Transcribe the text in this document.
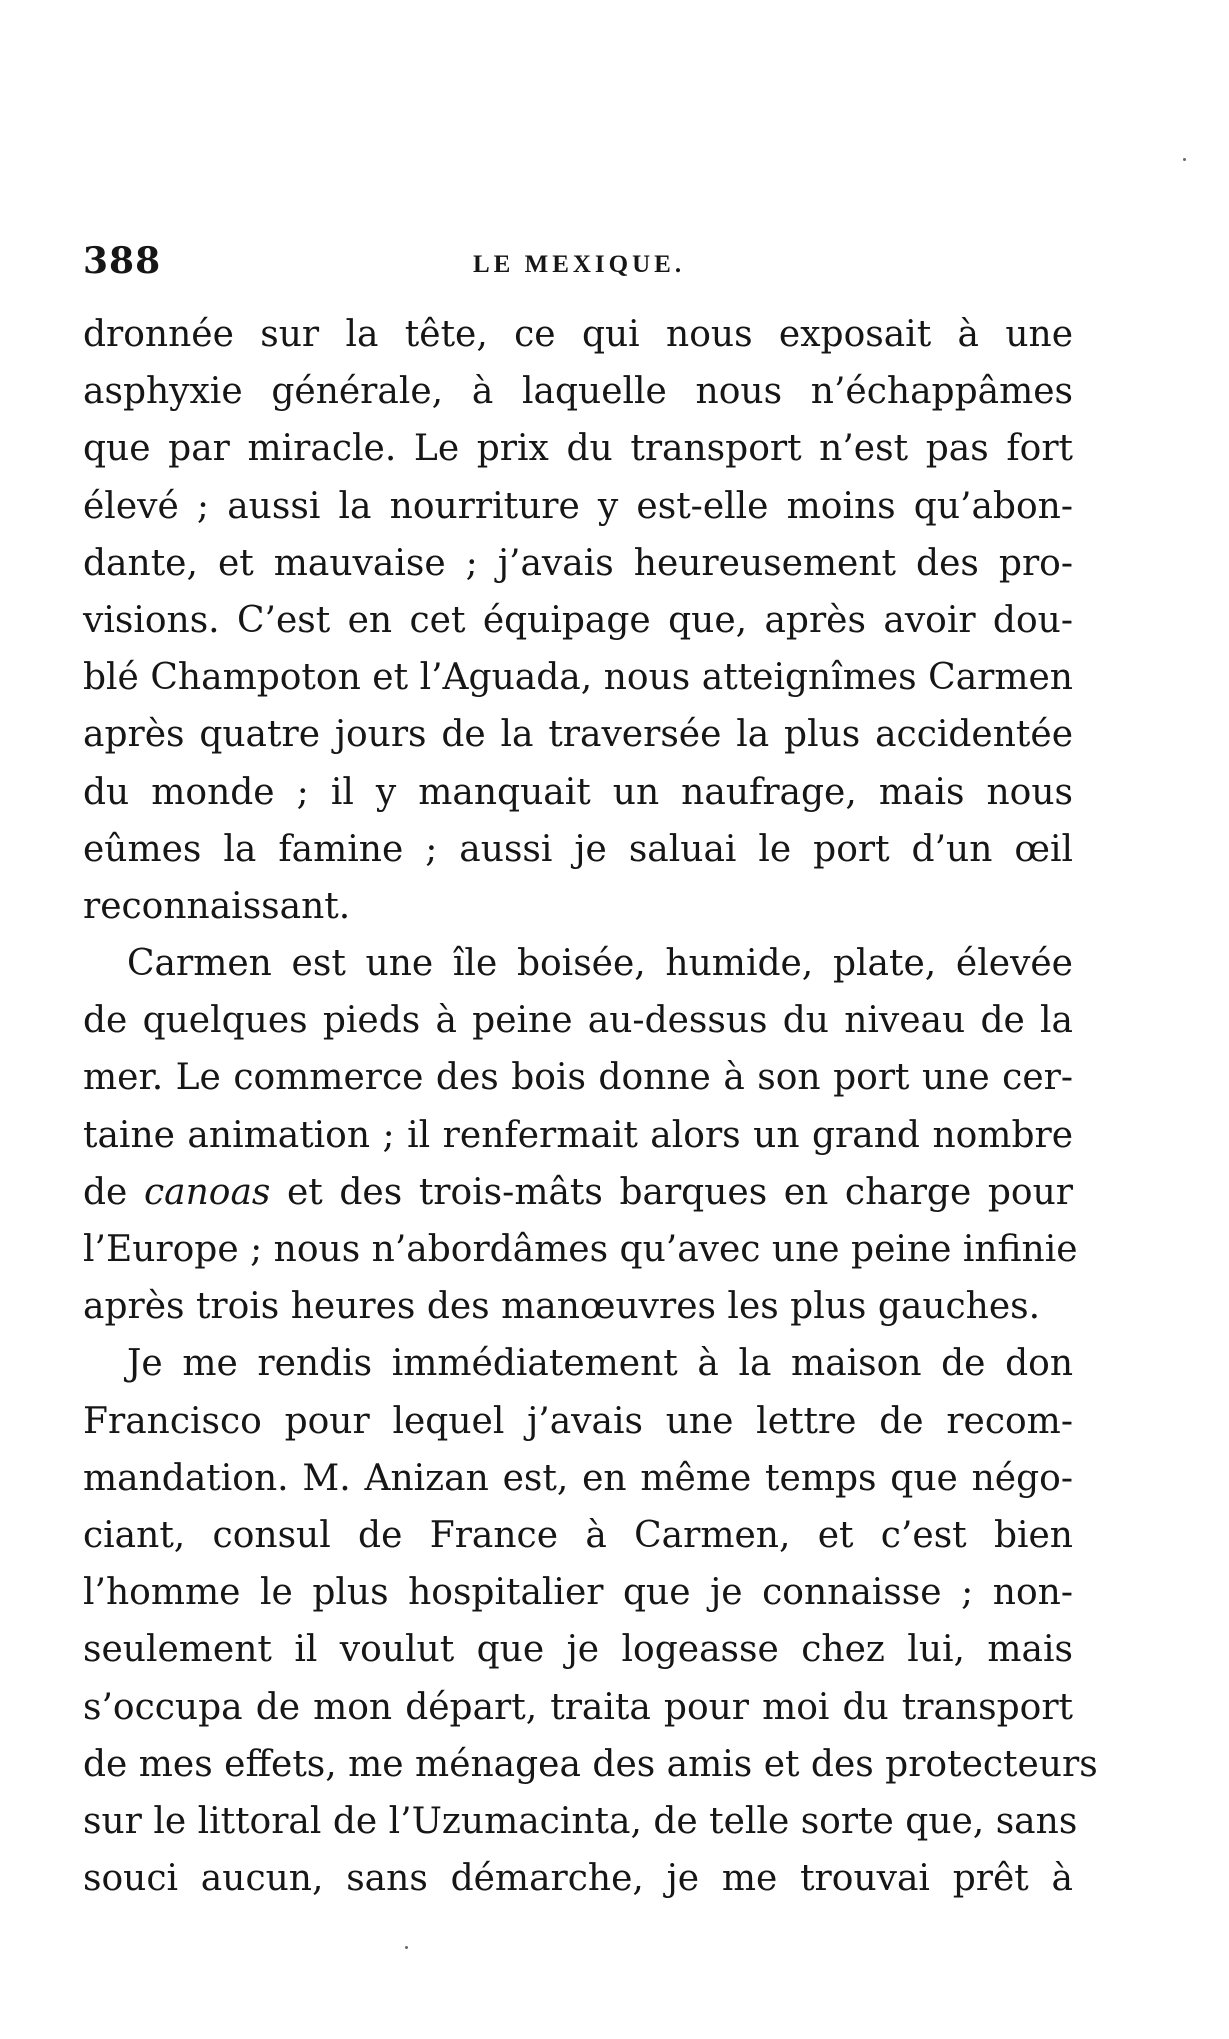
388	LE MEXIQUE.
dronnée sur la tête, ce qui nous exposait à une
asphyxie générale, à laquelle nous n’échappâmes
que par miracle. Le prix du transport n’est pas fort
élevé ; aussi la nourriture y est-elle moins qu’abon-
dante, et mauvaise ; j’avais heureusement des pro-
visions. C’est en cet équipage que, après avoir dou-
blé Champoton et l’Aguada, nous atteignîmes Carmen
après quatre jours de la traversée la plus accidentée
du monde ; il y manquait un naufrage, mais nous
eûmes la famine ; aussi je saluai le port d’un œil
reconnaissant.
Carmen est une île boisée, humide, plate, élevée
de quelques pieds à peine au-dessus du niveau de la
mer. Le commerce des bois donne à son port une cer-
taine animation ; il renfermait alors un grand nombre
de canoas et des trois-mâts barques en charge pour
l’Europe ; nous n’abordâmes qu’avec une peine infinie
après trois heures des manœuvres les plus gauches.
Je me rendis immédiatement à la maison de don
Francisco pour lequel j’avais une lettre de recom-
mandation. M. Anizan est, en même temps que négo-
ciant, consul de France à Carmen, et c’est bien
l’homme le plus hospitalier que je connaisse ; non-
seulement il voulut que je logeasse chez lui, mais
s’occupa de mon départ, traita pour moi du transport
de mes effets, me ménagea des amis et des protecteurs
sur le littoral de l’Uzumacinta, de telle sorte que, sans
souci aucun, sans démarche, je me trouvai prêt à
